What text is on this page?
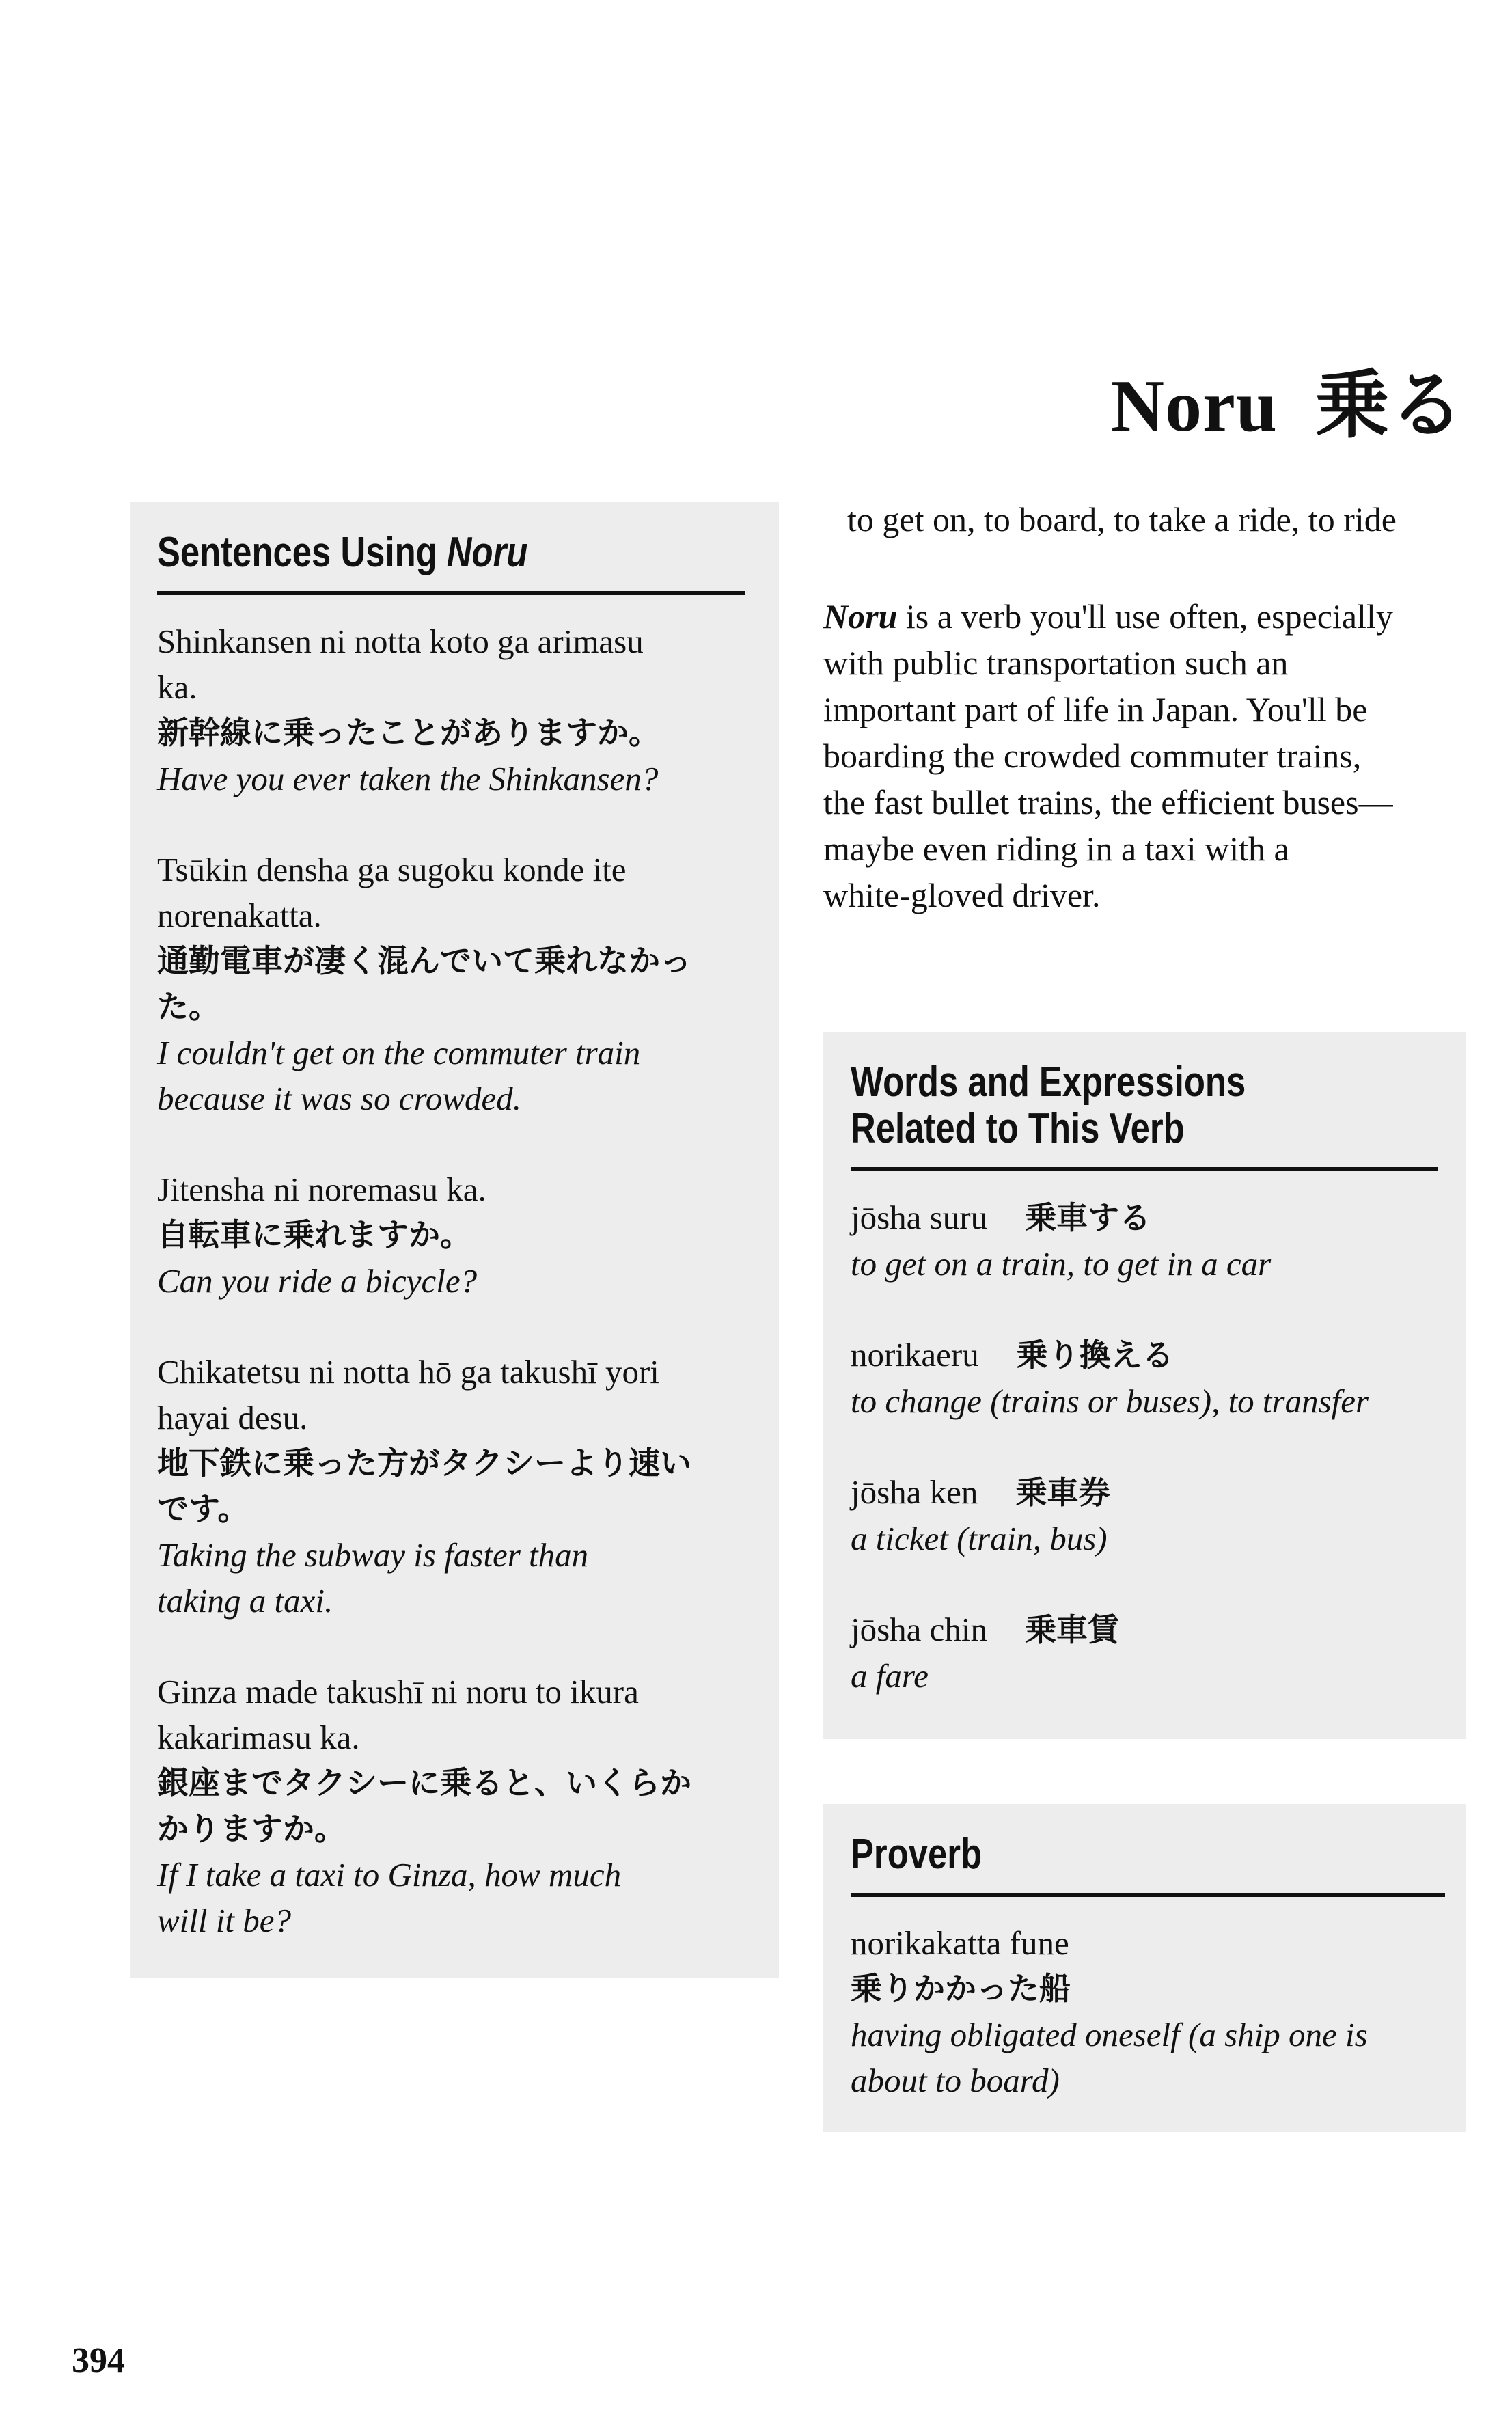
Noru 乗る
Sentences Using Noru
Shinkansen ni notta koto ga arimasu
ka.
新幹線に乗ったことがありますか。
Have you ever taken the Shinkansen?
Tsūkin densha ga sugoku konde ite
norenakatta.
通勤電車が凄く混んでいて乗れなかっ
た。
I couldn't get on the commuter train
because it was so crowded.
Jitensha ni noremasu ka.
自転車に乗れますか。
Can you ride a bicycle?
Chikatetsu ni notta hō ga takushī yori
hayai desu.
地下鉄に乗った方がタクシーより速い
です。
Taking the subway is faster than
taking a taxi.
Ginza made takushī ni noru to ikura
kakarimasu ka.
銀座までタクシーに乗ると、いくらか
かりますか。
If I take a taxi to Ginza, how much
will it be?
to get on, to board, to take a ride, to ride
Noru is a verb you'll use often, especially
with public transportation such an
important part of life in Japan. You'll be
boarding the crowded commuter trains,
the fast bullet trains, the efficient buses—
maybe even riding in a taxi with a
white-gloved driver.
Words and Expressions
Related to This Verb
jōsha suru 乗車する
to get on a train, to get in a car
norikaeru 乗り換える
to change (trains or buses), to transfer
jōsha ken 乗車券
a ticket (train, bus)
jōsha chin 乗車賃
a fare
Proverb
norikakatta fune
乗りかかった船
having obligated oneself (a ship one is
about to board)
394
